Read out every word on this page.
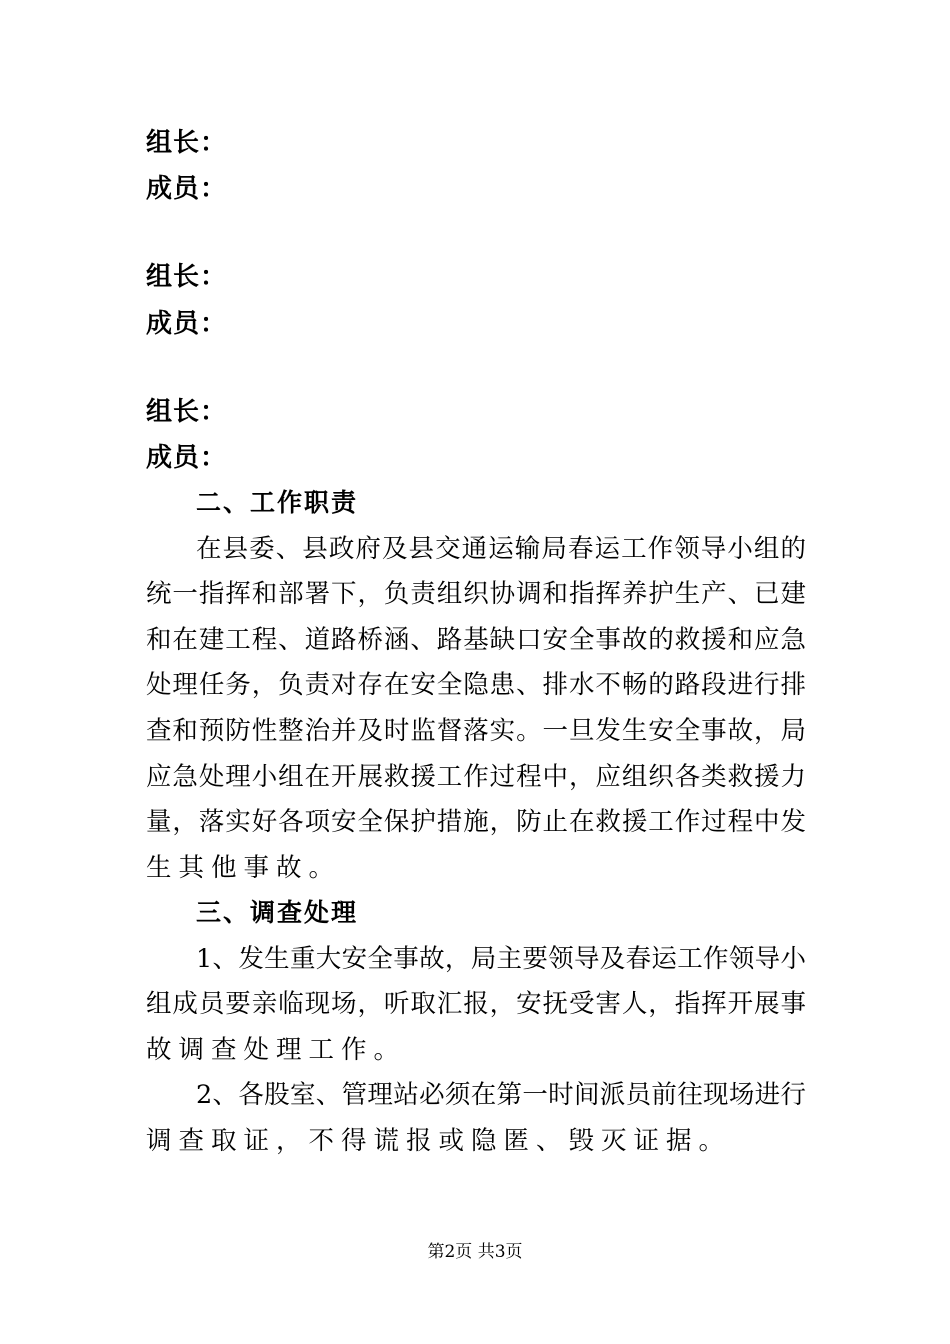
组长：
成员：
组长：
成员：
组长：
成员：
二、工作职责
在县委、县政府及县交通运输局春运工作领导小组的
统一指挥和部署下，负责组织协调和指挥养护生产、已建
和在建工程、道路桥涵、路基缺口安全事故的救援和应急
处理任务，负责对存在安全隐患、排水不畅的路段进行排
查和预防性整治并及时监督落实。一旦发生安全事故，局
应急处理小组在开展救援工作过程中，应组织各类救援力
量，落实好各项安全保护措施，防止在救援工作过程中发
生其他事故。
三、调查处理
1、发生重大安全事故，局主要领导及春运工作领导小
组成员要亲临现场，听取汇报，安抚受害人，指挥开展事
故调查处理工作。
2、各股室、管理站必须在第一时间派员前往现场进行
调查取证，不得谎报或隐匿、毁灭证据。
第2页 共3页
